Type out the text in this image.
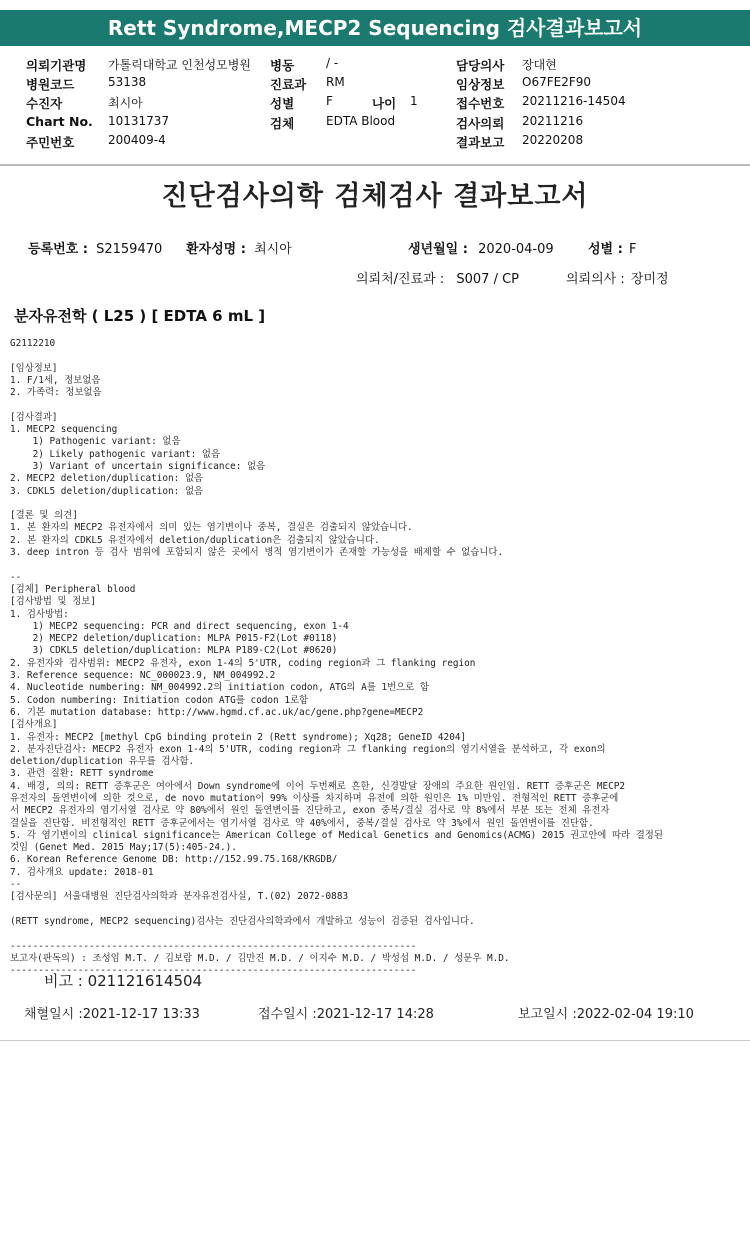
Rett Syndrome,MECP2 Sequencing 검사결과보고서
의뢰기관명 가톨릭대학교 인천성모병원
병원코드	53138
수진자	최시아
Chart No. 10131737
주민번호	200409-4
병동	/ -
진료과 RM
성별	F	나이 1
검체	EDTA Blood
담당의사 장대현
임상정보 O67FE2F90
접수번호 20211216-14504
검사의뢰 20211216
결과보고 20220208
진단검사의학 검체검사 결과보고서
등록번호 : S2159470 환자성명 : 최시아	생년월일 : 2020-04-09	성별 : F
의뢰처/진료과 : S007 / CP	의뢰의사 : 장미정
분자유전학 ( L25 ) [ EDTA 6 mL ]
G2112210

[임상정보]
1. F/1세, 정보없음
2. 가족력: 정보없음

[검사결과]
1. MECP2 sequencing
1) Pathogenic variant: 없음
2) Likely pathogenic variant: 없음
3) Variant of uncertain significance: 없음
2. MECP2 deletion/duplication: 없음
3. CDKL5 deletion/duplication: 없음

[결론 및 의견]
1. 본 환자의 MECP2 유전자에서 의미 있는 염기변이나 중복, 결실은 검출되지 않았습니다.
2. 본 환자의 CDKL5 유전자에서 deletion/duplication은 검출되지 않았습니다.
3. deep intron 등 검사 범위에 포함되지 않은 곳에서 병적 염기변이가 존재할 가능성을 배제할 수 없습니다.

--
[검체] Peripheral blood
[검사방법 및 정보]
1. 검사방법:
1) MECP2 sequencing: PCR and direct sequencing, exon 1-4
2) MECP2 deletion/duplication: MLPA P015-F2(Lot #0118)
3) CDKL5 deletion/duplication: MLPA P189-C2(Lot #0620)
2. 유전자와 검사범위: MECP2 유전자, exon 1-4의 5'UTR, coding region과 그 flanking region
3. Reference sequence: NC_000023.9, NM_004992.2
4. Nucleotide numbering: NM_004992.2의 initiation codon, ATG의 A를 1번으로 함
5. Codon numbering: Initiation codon ATG를 codon 1로함
6. 기본 mutation database: http://www.hgmd.cf.ac.uk/ac/gene.php?gene=MECP2
[검사개요]
1. 유전자: MECP2 [methyl CpG binding protein 2 (Rett syndrome); Xq28; GeneID 4204]
2. 분자진단검사: MECP2 유전자 exon 1-4의 5'UTR, coding region과 그 flanking region의 염기서열을 분석하고, 각 exon의
deletion/duplication 유무를 검사함.
3. 관련 질환: RETT syndrome
4. 배경, 의의: RETT 증후군은 여아에서 Down syndrome에 이어 두번째로 흔한, 신경발달 장애의 주요한 원인임. RETT 증후군은 MECP2
유전자의 돌연변이에 의한 것으로, de novo mutation이 99% 이상를 차지하며 유전에 의한 원인은 1% 미만임. 전형적인 RETT 증후군에
서 MECP2 유전자의 염기서열 검사로 약 80%에서 원인 돌연변이를 진단하고, exon 중복/결실 검사로 약 8%에서 부분 또는 전체 유전자
결실을 진단함. 비전형적인 RETT 증후군에서는 염기서열 검사로 약 40%에서, 중복/결실 검사로 약 3%에서 원인 돌연변이를 진단함.
5. 각 염기변이의 clinical significance는 American College of Medical Genetics and Genomics(ACMG) 2015 권고안에 따라 결정된
것임 (Genet Med. 2015 May;17(5):405-24.).
6. Korean Reference Genome DB: http://152.99.75.168/KRGDB/
7. 검사개요 update: 2018-01
--
[검사문의] 서울대병원 진단검사의학과 분자유전검사실, T.(02) 2072-0883

(RETT syndrome, MECP2 sequencing)검사는 진단검사의학과에서 개발하고 성능이 검증된 검사입니다.

------------------------------------------------------------------------
보고자(판독의) : 조성임 M.T. / 김보람 M.D. / 김만진 M.D. / 이지수 M.D. / 박성섭 M.D. / 성문우 M.D.
------------------------------------------------------------------------
비고 : 021121614504
채혈일시 :2021-12-17 13:33	접수일시 :2021-12-17 14:28	보고일시 :2022-02-04 19:10
